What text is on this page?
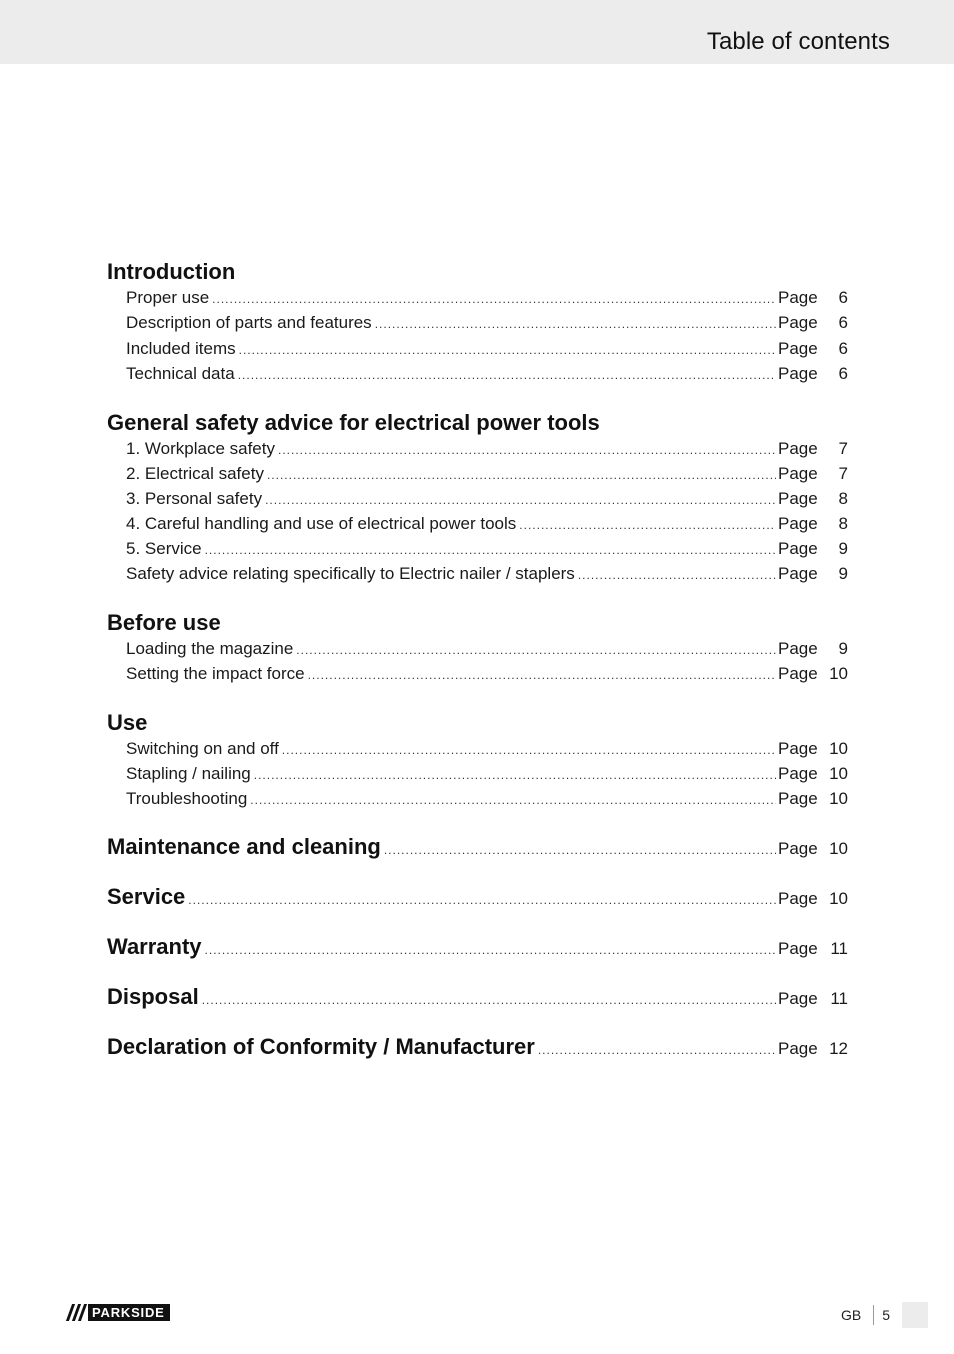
Table of contents
Introduction
Proper use .....	Page	6
Description of parts and features .....	Page	6
Included items .....	Page	6
Technical data .....	Page	6
General safety advice for electrical power tools
1. Workplace safety .....	Page	7
2. Electrical safety .....	Page	7
3. Personal safety .....	Page	8
4. Careful handling and use of electrical power tools .....	Page	8
5. Service .....	Page	9
Safety advice relating specifically to Electric nailer / staplers .....	Page	9
Before use
Loading the magazine .....	Page	9
Setting the impact force .....	Page 10
Use
Switching on and off .....	Page 10
Stapling / nailing .....	Page 10
Troubleshooting .....	Page 10
Maintenance and cleaning .....	Page 10
Service .....	Page 10
Warranty .....	Page 11
Disposal .....	Page 11
Declaration of Conformity / Manufacturer .....	Page 12
PARKSIDE	GB 5
